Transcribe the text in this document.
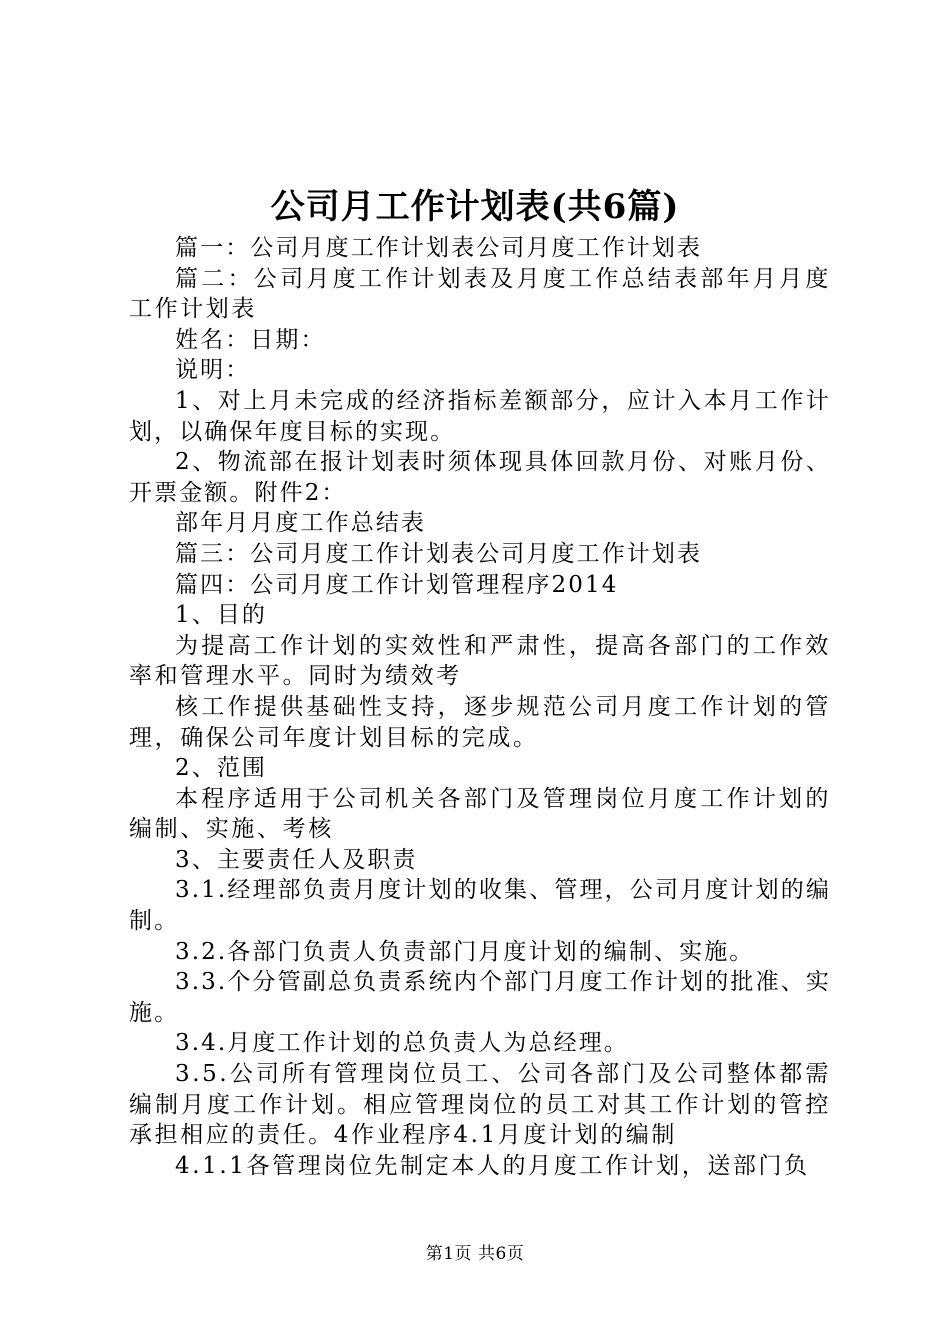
公司月工作计划表(共6篇)

篇一：公司月度工作计划表公司月度工作计划表

篇二：公司月度工作计划表及月度工作总结表部年月月度工作计划表

姓名：日期：

说明：

1、对上月未完成的经济指标差额部分，应计入本月工作计划，以确保年度目标的实现。

2、物流部在报计划表时须体现具体回款月份、对账月份、开票金额。附件2：

部年月月度工作总结表

篇三：公司月度工作计划表公司月度工作计划表

篇四：公司月度工作计划管理程序2014

1、目的

为提高工作计划的实效性和严肃性，提高各部门的工作效率和管理水平。同时为绩效考

核工作提供基础性支持，逐步规范公司月度工作计划的管理，确保公司年度计划目标的完成。

2、范围

本程序适用于公司机关各部门及管理岗位月度工作计划的编制、实施、考核

3、主要责任人及职责

3.1.经理部负责月度计划的收集、管理，公司月度计划的编制。

3.2.各部门负责人负责部门月度计划的编制、实施。

3.3.个分管副总负责系统内个部门月度工作计划的批准、实施。

3.4.月度工作计划的总负责人为总经理。

3.5.公司所有管理岗位员工、公司各部门及公司整体都需编制月度工作计划。相应管理岗位的员工对其工作计划的管控承担相应的责任。4作业程序4.1月度计划的编制

4.1.1各管理岗位先制定本人的月度工作计划，送部门负

第1页 共6页
